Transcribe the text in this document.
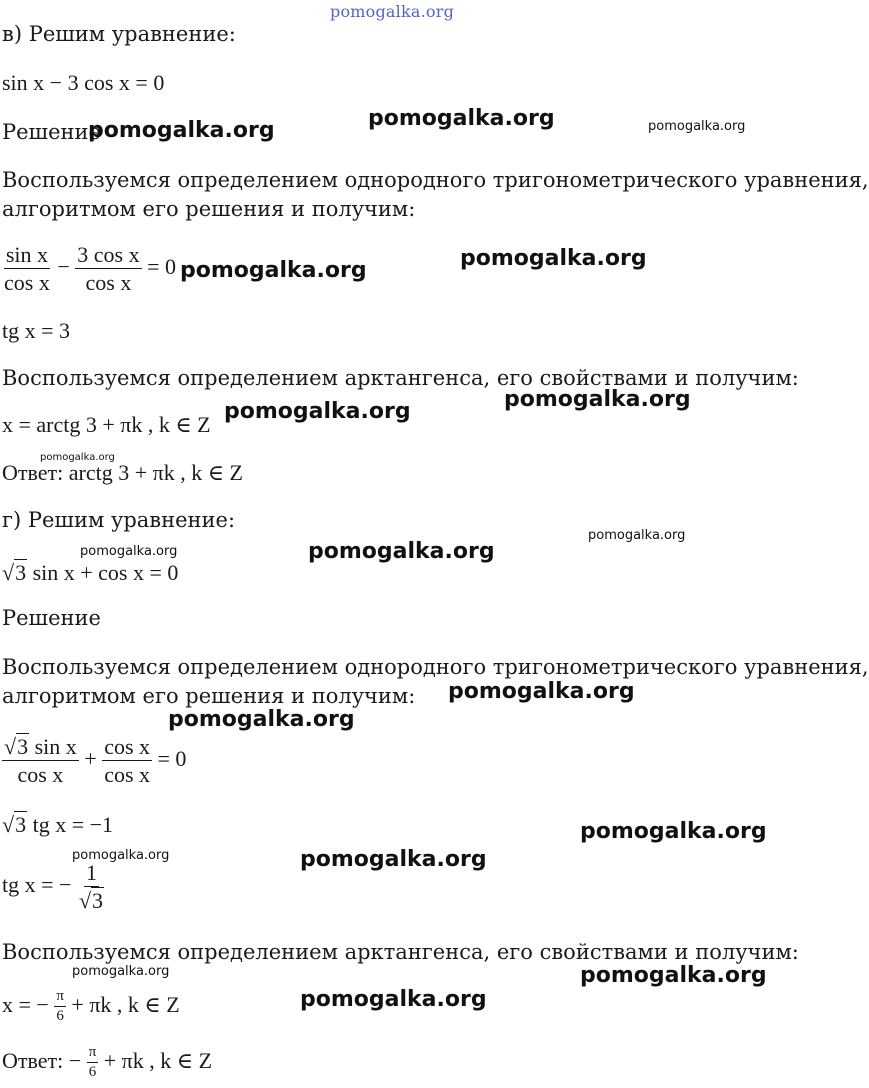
pomogalka.org
в) Решим уравнение:
sin x − 3 cos x = 0
Решение
Воспользуемся определением однородного тригонометрического уравнения,
алгоритмом его решения и получим:
$\frac{\text{sin x}}{\text{cos x}} - \frac{\text{3 cos x}}{\text{cos x}} = 0$
tg x = 3
Воспользуемся определением арктангенса, его свойствами и получим:
x = arctg 3 + πk , k ∈ Z
Ответ: arctg 3 + πk , k ∈ Z
г) Решим уравнение:
√3 sin x + cos x = 0
Решение
Воспользуемся определением однородного тригонометрического уравнения,
алгоритмом его решения и получим:
$\frac{\text{√3 sin x}}{\text{cos x}} + \frac{\text{cos x}}{\text{cos x}} = 0$
√3 tg x = −1
tg x = − $\frac{1}{√3}$
Воспользуемся определением арктангенса, его свойствами и получим:
x = − $\frac{\pi}{6} + \pi k$ , k ∈ Z
Ответ: − $\frac{\pi}{6} + \pi k$ , k ∈ Z
pomogalka.org	pomogalka.org	pomogalka.org
pomogalka.org	pomogalka.org
pomogalka.org	pomogalka.org
pomogalka.org
pomogalka.org	pomogalka.org
pomogalka.org
pomogalka.org
pomogalka.org
pomogalka.org
pomogalka.org	pomogalka.org
pomogalka.org	pomogalka.org
pomogalka.org
